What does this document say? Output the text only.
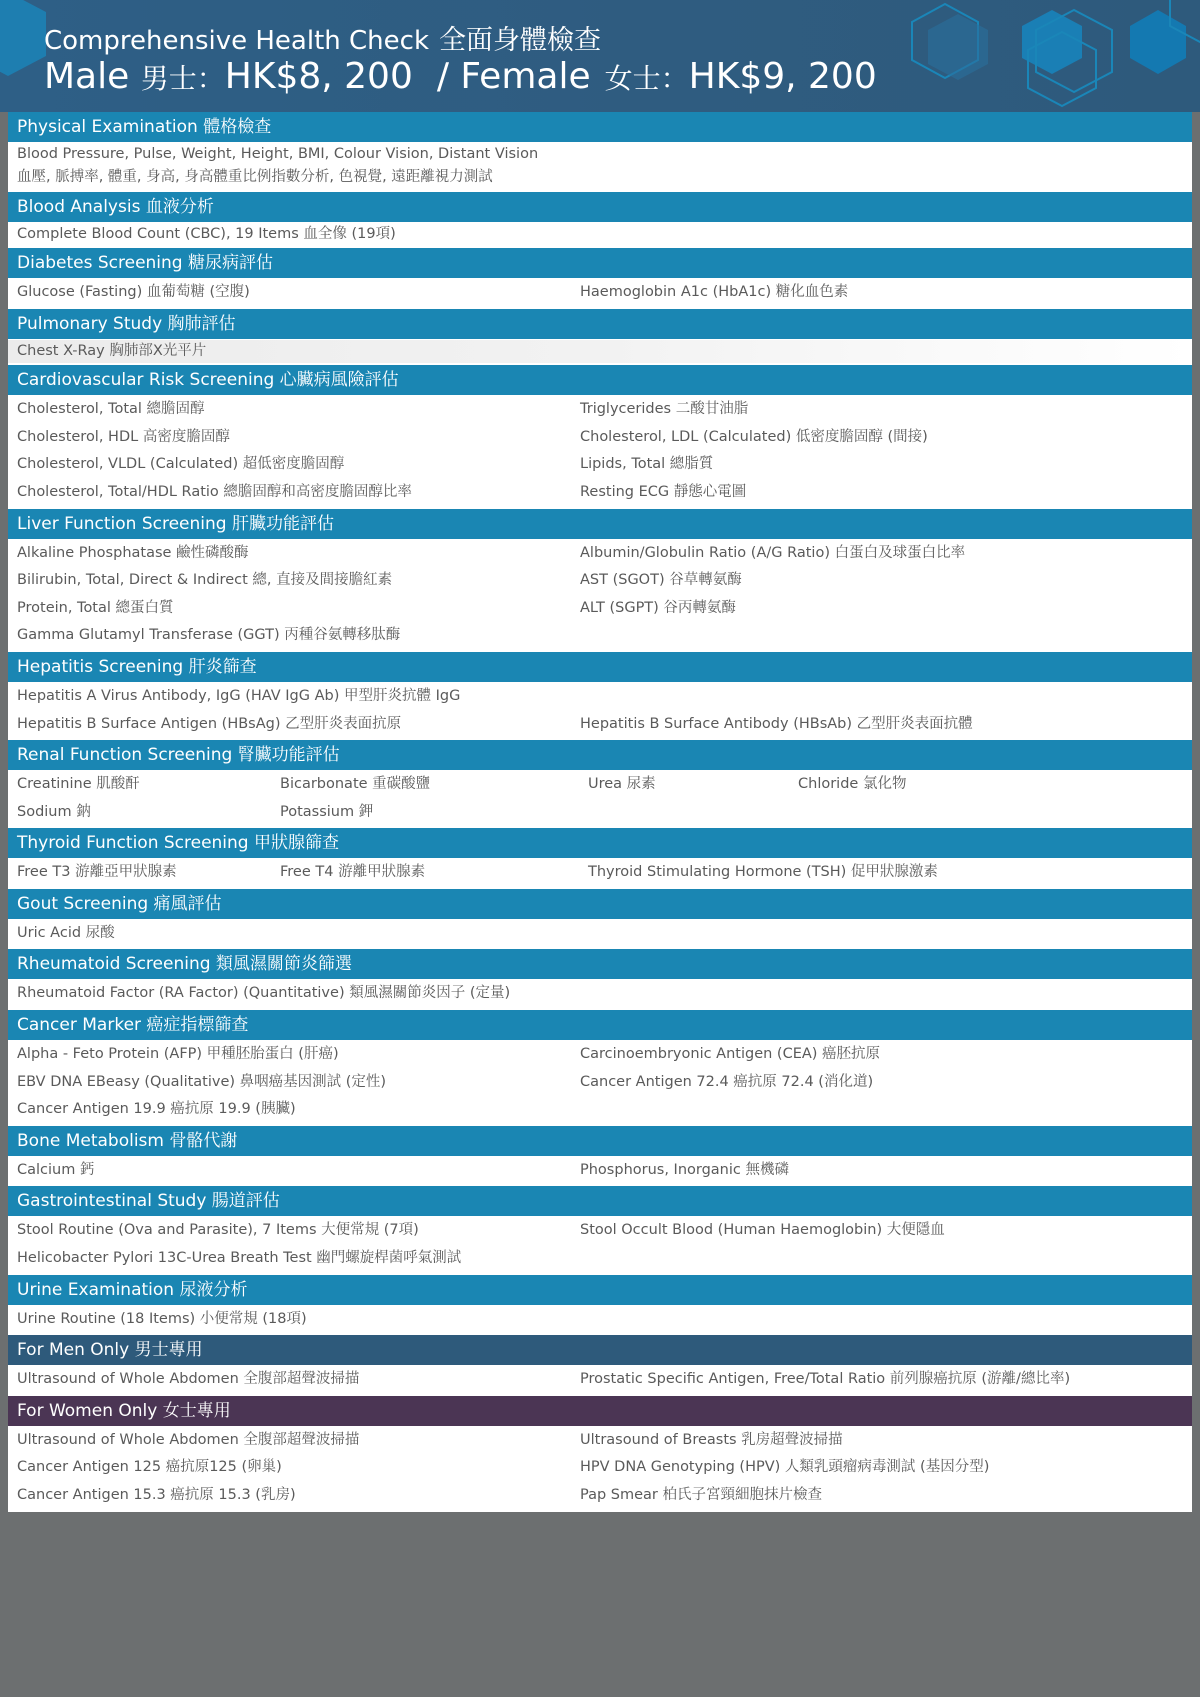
Comprehensive Health Check 全面身體檢查
Male 男士：HK$8, 200 / Female 女士：HK$9, 200
Physical Examination 體格檢查
Blood Pressure, Pulse, Weight, Height, BMI, Colour Vision, Distant Vision
血壓, 脈搏率, 體重, 身高, 身高體重比例指數分析, 色視覺, 遠距離視力測試
Blood Analysis 血液分析
Complete Blood Count (CBC), 19 Items 血全像 (19項)
Diabetes Screening 糖尿病評估
Glucose (Fasting) 血葡萄糖 (空腹)	Haemoglobin A1c (HbA1c) 糖化血色素
Pulmonary Study 胸肺評估
Chest X-Ray 胸肺部X光平片
Cardiovascular Risk Screening 心臟病風險評估
Cholesterol, Total 總膽固醇	Triglycerides 二酸甘油脂
Cholesterol, HDL 高密度膽固醇	Cholesterol, LDL (Calculated) 低密度膽固醇 (間接)
Cholesterol, VLDL (Calculated) 超低密度膽固醇	Lipids, Total 總脂質
Cholesterol, Total/HDL Ratio 總膽固醇和高密度膽固醇比率	Resting ECG 靜態心電圖
Liver Function Screening 肝臟功能評估
Alkaline Phosphatase 鹼性磷酸酶	Albumin/Globulin Ratio (A/G Ratio) 白蛋白及球蛋白比率
Bilirubin, Total, Direct & Indirect 總, 直接及間接膽紅素	AST (SGOT) 谷草轉氨酶
Protein, Total 總蛋白質	ALT (SGPT) 谷丙轉氨酶
Gamma Glutamyl Transferase (GGT) 丙種谷氨轉移肽酶
Hepatitis Screening 肝炎篩查
Hepatitis A Virus Antibody, IgG (HAV IgG Ab) 甲型肝炎抗體 IgG
Hepatitis B Surface Antigen (HBsAg) 乙型肝炎表面抗原	Hepatitis B Surface Antibody (HBsAb) 乙型肝炎表面抗體
Renal Function Screening 腎臟功能評估
Creatinine 肌酸酐	Bicarbonate 重碳酸鹽	Urea 尿素	Chloride 氯化物
Sodium 鈉	Potassium 鉀
Thyroid Function Screening 甲狀腺篩查
Free T3 游離亞甲狀腺素	Free T4 游離甲狀腺素	Thyroid Stimulating Hormone (TSH) 促甲狀腺激素
Gout Screening 痛風評估
Uric Acid 尿酸
Rheumatoid Screening 類風濕關節炎篩選
Rheumatoid Factor (RA Factor) (Quantitative) 類風濕關節炎因子 (定量)
Cancer Marker 癌症指標篩查
Alpha - Feto Protein (AFP) 甲種胚胎蛋白 (肝癌)	Carcinoembryonic Antigen (CEA) 癌胚抗原
EBV DNA EBeasy (Qualitative) 鼻咽癌基因測試 (定性)	Cancer Antigen 72.4 癌抗原 72.4 (消化道)
Cancer Antigen 19.9 癌抗原 19.9 (胰臟)
Bone Metabolism 骨骼代謝
Calcium 鈣	Phosphorus, Inorganic 無機磷
Gastrointestinal Study 腸道評估
Stool Routine (Ova and Parasite), 7 Items 大便常規 (7項)	Stool Occult Blood (Human Haemoglobin) 大便隱血
Helicobacter Pylori 13C-Urea Breath Test 幽門螺旋桿菌呼氣測試
Urine Examination 尿液分析
Urine Routine (18 Items) 小便常規 (18項)
For Men Only 男士專用
Ultrasound of Whole Abdomen 全腹部超聲波掃描	Prostatic Specific Antigen, Free/Total Ratio 前列腺癌抗原 (游離/總比率)
For Women Only 女士專用
Ultrasound of Whole Abdomen 全腹部超聲波掃描	Ultrasound of Breasts 乳房超聲波掃描
Cancer Antigen 125 癌抗原125 (卵巢)	HPV DNA Genotyping (HPV) 人類乳頭瘤病毒測試 (基因分型)
Cancer Antigen 15.3 癌抗原 15.3 (乳房)	Pap Smear 柏氏子宮頸細胞抹片檢查
